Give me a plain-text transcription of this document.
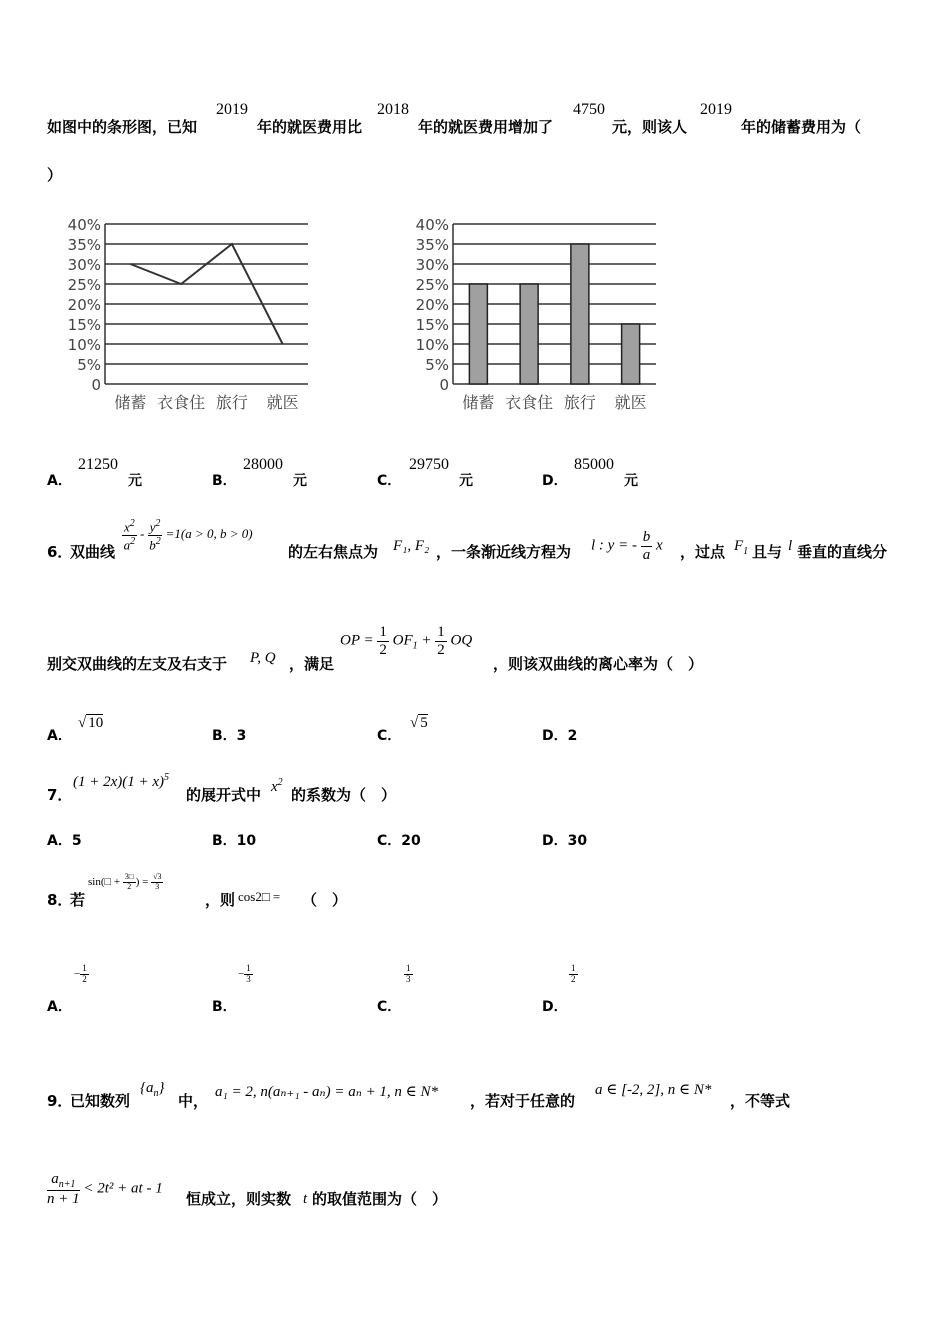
如图中的条形图，已知
2019
年的就医费用比
2018
年的就医费用增加了
4750
元，则该人
2019
年的储蓄费用为（
）
40%
35%
30%
25%
20%
15%
10%
5%
0
储蓄 衣食住 旅行 就医
40%
35%
30%
25%
20%
15%
10%
5%
0
储蓄 衣食住 旅行 就医
A．
21250
元	B．
28000
元	C．
29750
元	D．
85000
元
6．
双曲线 $\frac{x^2}{a^2} - \frac{y^2}{b^2} =1(a > 0$, b > 0)
的左右焦点为 F₁, F₂ ，一条渐近线方程为 l : y = - $\frac{b}{a}$ x ，过点 $F_1$ 且与 l 垂直的直线分
别交双曲线的左支及右支于 P, Q ，满足
OP = $\frac{1}{2} OF_1 + \frac{1}{2}$ OQ
，则该双曲线的离心率为（　）
A．
√ 10
B．3	C．
√ 5
D．2
7．
$(1 + 2x)(1 + x)^5$
的展开式中 $x^2$
的系数为（　）
A．5	B．10	C．20	D．30
8．
若
sin(□ + $\frac{3□}{2}$ ) = $\frac{√3}{3}$
，则 cos2□ = （　）
A．
− $\frac{1}{2}$
B．
− $\frac{1}{3}$
C．
$\frac{1}{3}$
D．
$\frac{1}{2}$
9．
已知数列
$\{a_n\}$
中， a₁ = 2, n(aₙ₊₁ - aₙ) = aₙ + 1, n ∈ N* ，若对于任意的
a ∈ [-2, 2], n ∈ N*
，不等式
$\frac{a_{n+1}}{n + 1} < 2t^2$ + at - 1
恒成立，则实数 t 的取值范围为（　）
